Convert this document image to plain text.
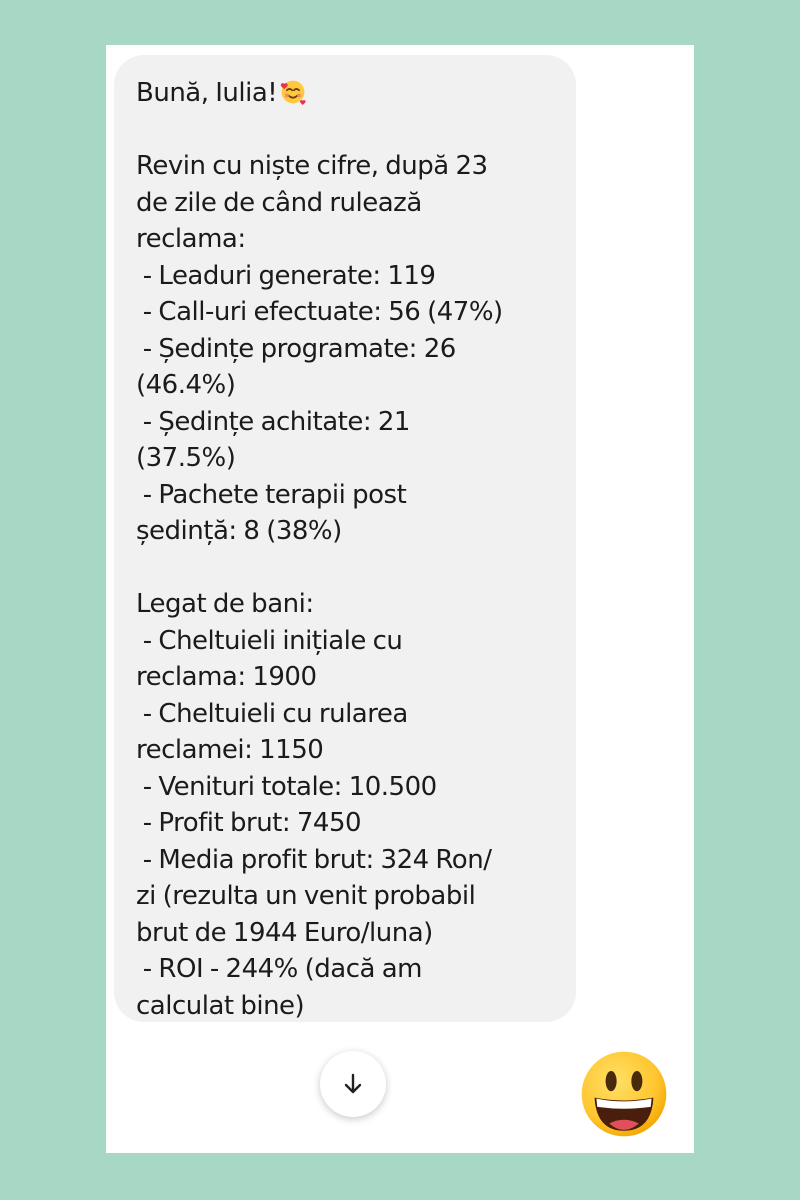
Bună, Iulia!
Revin cu niște cifre, după 23
de zile de când rulează
reclama:
- Leaduri generate: 119
- Call-uri efectuate: 56 (47%)
- Ședințe programate: 26
(46.4%)
- Ședințe achitate: 21
(37.5%)
- Pachete terapii post
ședință: 8 (38%)
Legat de bani:
- Cheltuieli inițiale cu
reclama: 1900
- Cheltuieli cu rularea
reclamei: 1150
- Venituri totale: 10.500
- Profit brut: 7450
- Media profit brut: 324 Ron/
zi (rezulta un venit probabil
brut de 1944 Euro/luna)
- ROI - 244% (dacă am
calculat bine)
